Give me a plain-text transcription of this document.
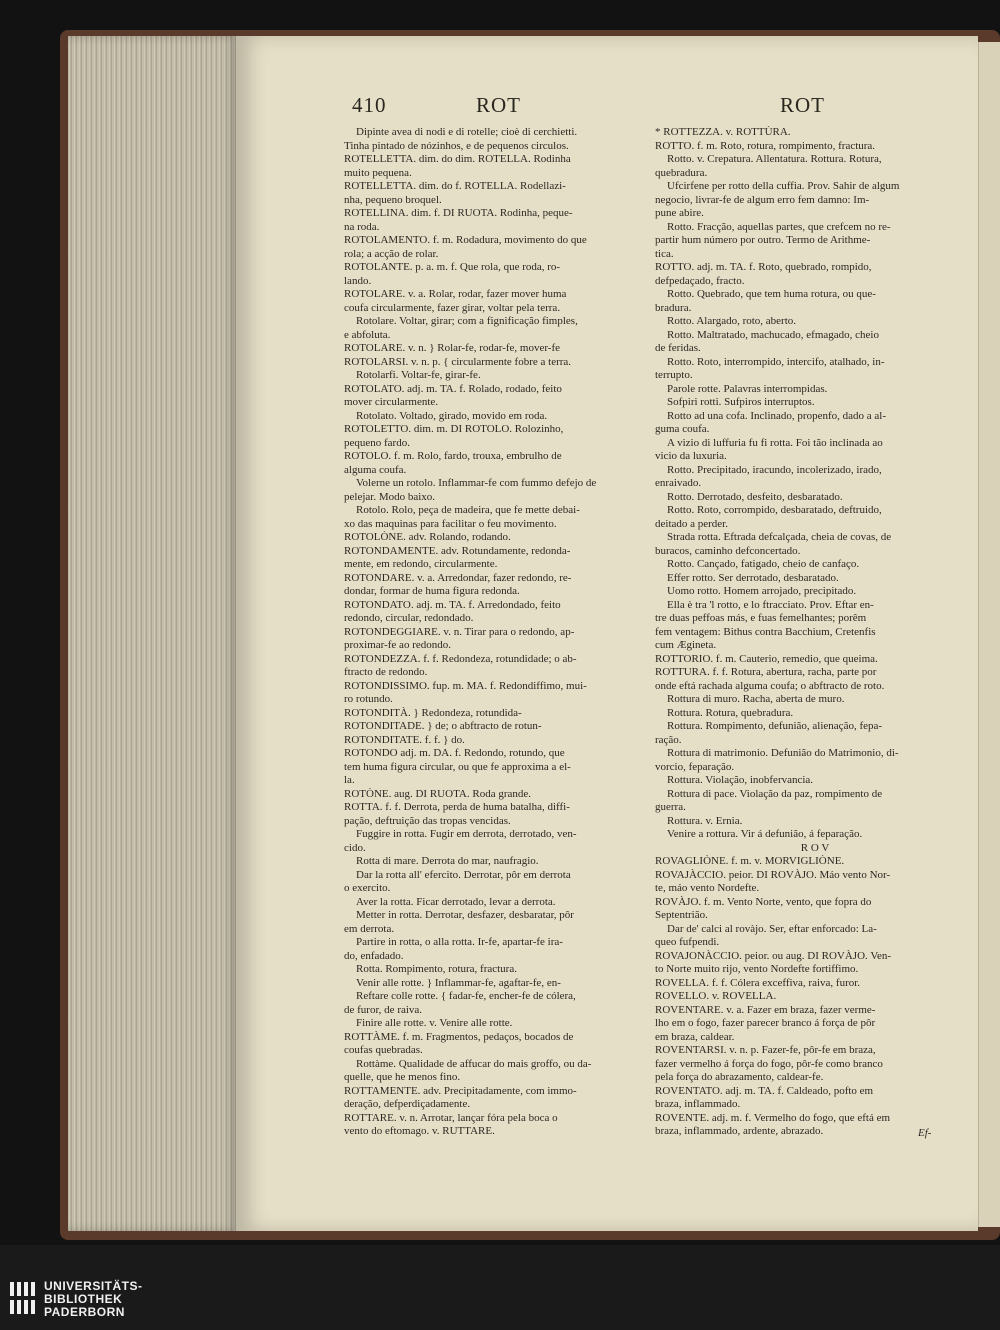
410	ROT	ROT
Dipinte avea di nodi e di rotelle; cioè di cerchietti.
Tinha pintado de nózinhos, e de pequenos circulos.
ROTELLETTA. dim. do dim. ROTELLA. Rodinha
muito pequena.
ROTELLETTA. dim. do f. ROTELLA. Rodellazi-
nha, pequeno broquel.
ROTELLINA. dim. f. DI RUOTA. Rodinha, peque-
na roda.
ROTOLAMENTO. f. m. Rodadura, movimento do que
rola; a acção de rolar.
ROTOLANTE. p. a. m. f. Que rola, que roda, ro-
lando.
ROTOLARE. v. a. Rolar, rodar, fazer mover huma
coufa circularmente, fazer girar, voltar pela terra.
Rotolare. Voltar, girar; com a fignificação fimples,
e abfoluta.
ROTOLARE. v. n. } Rolar-fe, rodar-fe, mover-fe
ROTOLARSI. v. n. p. { circularmente fobre a terra.
Rotolarfi. Voltar-fe, girar-fe.
ROTOLATO. adj. m. TA. f. Rolado, rodado, feito
mover circularmente.
Rotolato. Voltado, girado, movido em roda.
ROTOLETTO. dim. m. DI ROTOLO. Rolozinho,
pequeno fardo.
ROTOLO. f. m. Rolo, fardo, trouxa, embrulho de
alguma coufa.
Volerne un rotolo. Inflammar-fe com fummo defejo de
pelejar. Modo baixo.
Rotolo. Rolo, peça de madeira, que fe mette debai-
xo das maquinas para facilitar o feu movimento.
ROTOLÒNE. adv. Rolando, rodando.
ROTONDAMENTE. adv. Rotundamente, redonda-
mente, em redondo, circularmente.
ROTONDARE. v. a. Arredondar, fazer redondo, re-
dondar, formar de huma figura redonda.
ROTONDATO. adj. m. TA. f. Arredondado, feito
redondo, circular, redondado.
ROTONDEGGIARE. v. n. Tirar para o redondo, ap-
proximar-fe ao redondo.
ROTONDEZZA. f. f. Redondeza, rotundidade; o ab-
ftracto de redondo.
ROTONDISSIMO. fup. m. MA. f. Redondiffimo, mui-
ro rotundo.
ROTONDITÀ. } Redondeza, rotundida-
ROTONDITADE. } de; o abftracto de rotun-
ROTONDITATE. f. f. } do.
ROTONDO adj. m. DA. f. Redondo, rotundo, que
tem huma figura circular, ou que fe approxima a el-
la.
ROTÒNE. aug. DI RUOTA. Roda grande.
ROTTA. f. f. Derrota, perda de huma batalha, diffi-
pação, deftruição das tropas vencidas.
Fuggire in rotta. Fugir em derrota, derrotado, ven-
cido.
Rotta di mare. Derrota do mar, naufragio.
Dar la rotta all' efercito. Derrotar, pôr em derrota
o exercito.
Aver la rotta. Ficar derrotado, levar a derrota.
Metter in rotta. Derrotar, desfazer, desbaratar, pôr
em derrota.
Partire in rotta, o alla rotta. Ir-fe, apartar-fe ira-
do, enfadado.
Rotta. Rompimento, rotura, fractura.
Venir alle rotte. } Inflammar-fe, agaftar-fe, en-
Reftare colle rotte. { fadar-fe, encher-fe de cólera,
de furor, de raiva.
Finire alle rotte. v. Venire alle rotte.
ROTTÀME. f. m. Fragmentos, pedaços, bocados de
coufas quebradas.
Rottàme. Qualidade de affucar do mais groffo, ou da-
quelle, que he menos fino.
ROTTAMENTE. adv. Precipitadamente, com immo-
deração, defperdiçadamente.
ROTTARE. v. n. Arrotar, lançar fóra pela boca o
vento do eftomago. v. RUTTARE.
* ROTTEZZA. v. ROTTÙRA.
ROTTO. f. m. Roto, rotura, rompimento, fractura.
Rotto. v. Crepatura. Allentatura. Rottura. Rotura,
quebradura.
Ufcirfene per rotto della cuffia. Prov. Sahir de algum
negocio, livrar-fe de algum erro fem damno: Im-
pune abire.
Rotto. Fracção, aquellas partes, que crefcem no re-
partir hum número por outro. Termo de Arithme-
tica.
ROTTO. adj. m. TA. f. Roto, quebrado, rompido,
defpedaçado, fracto.
Rotto. Quebrado, que tem huma rotura, ou que-
bradura.
Rotto. Alargado, roto, aberto.
Rotto. Maltratado, machucado, efmagado, cheio
de feridas.
Rotto. Roto, interrompido, intercifo, atalhado, in-
terrupto.
Parole rotte. Palavras interrompidas.
Sofpiri rotti. Sufpiros interruptos.
Rotto ad una cofa. Inclinado, propenfo, dado a al-
guma coufa.
A vizio di luffuria fu fi rotta. Foi tão inclinada ao
vicio da luxuria.
Rotto. Precipitado, iracundo, incolerizado, irado,
enraivado.
Rotto. Derrotado, desfeito, desbaratado.
Rotto. Roto, corrompido, desbaratado, deftruido,
deitado a perder.
Strada rotta. Eftrada defcalçada, cheia de covas, de
buracos, caminho defconcertado.
Rotto. Cançado, fatigado, cheio de canfaço.
Effer rotto. Ser derrotado, desbaratado.
Uomo rotto. Homem arrojado, precipitado.
Ella è tra 'l rotto, e lo ftracciato. Prov. Eftar en-
tre duas peffoas más, e fuas femelhantes; porêm
fem ventagem: Bithus contra Bacchium, Cretenfis
cum Ægineta.
ROTTORIO. f. m. Cauterio, remedio, que queima.
ROTTURA. f. f. Rotura, abertura, racha, parte por
onde eftá rachada alguma coufa; o abftracto de roto.
Rottura di muro. Racha, aberta de muro.
Rottura. Rotura, quebradura.
Rottura. Rompimento, defunião, alienação, fepa-
ração.
Rottura di matrimonio. Defunião do Matrimonio, di-
vorcio, feparação.
Rottura. Violação, inobfervancia.
Rottura di pace. Violação da paz, rompimento de
guerra.
Rottura. v. Ernia.
Venire a rottura. Vir á defunião, á feparação.
R O V
ROVAGLIÒNE. f. m. v. MORVIGLIÒNE.
ROVAJÀCCIO. peior. DI ROVÀJO. Máo vento Nor-
te, máo vento Nordefte.
ROVÀJO. f. m. Vento Norte, vento, que fopra do
Septentrião.
Dar de' calci al rovàjo. Ser, eftar enforcado: La-
queo fufpendi.
ROVAJONÀCCIO. peior. ou aug. DI ROVÀJO. Ven-
to Norte muito rijo, vento Nordefte fortiffimo.
ROVELLA. f. f. Cólera exceffiva, raiva, furor.
ROVELLO. v. ROVELLA.
ROVENTARE. v. a. Fazer em braza, fazer verme-
lho em o fogo, fazer parecer branco á força de pôr
em braza, caldear.
ROVENTARSI. v. n. p. Fazer-fe, pôr-fe em braza,
fazer vermelho á força do fogo, pôr-fe como branco
pela força do abrazamento, caldear-fe.
ROVENTATO. adj. m. TA. f. Caldeado, pofto em
braza, inflammado.
ROVENTE. adj. m. f. Vermelho do fogo, que eftá em
braza, inflammado, ardente, abrazado.	Ef-
UNIVERSITÄTS-
BIBLIOTHEK
PADERBORN
